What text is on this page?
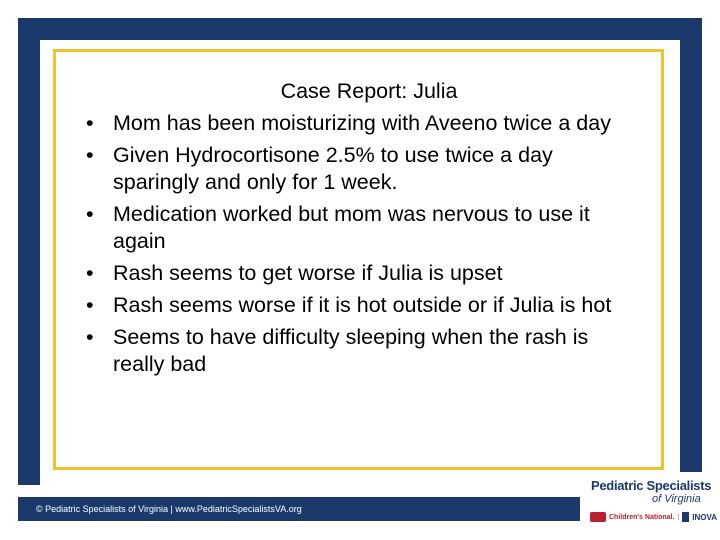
Case Report: Julia
• Mom has been moisturizing with Aveeno twice a day
• Given Hydrocortisone 2.5% to use twice a day sparingly and only for 1 week.
• Medication worked but mom was nervous to use it again
• Rash seems to get worse if Julia is upset
• Rash seems worse if it is hot outside or if Julia is hot
• Seems to have difficulty sleeping when the rash is really bad
© Pediatric Specialists of Virginia | www.PediatricSpecialistsVA.org
Pediatric Specialists
of Virginia
Children's National. | INOVA
